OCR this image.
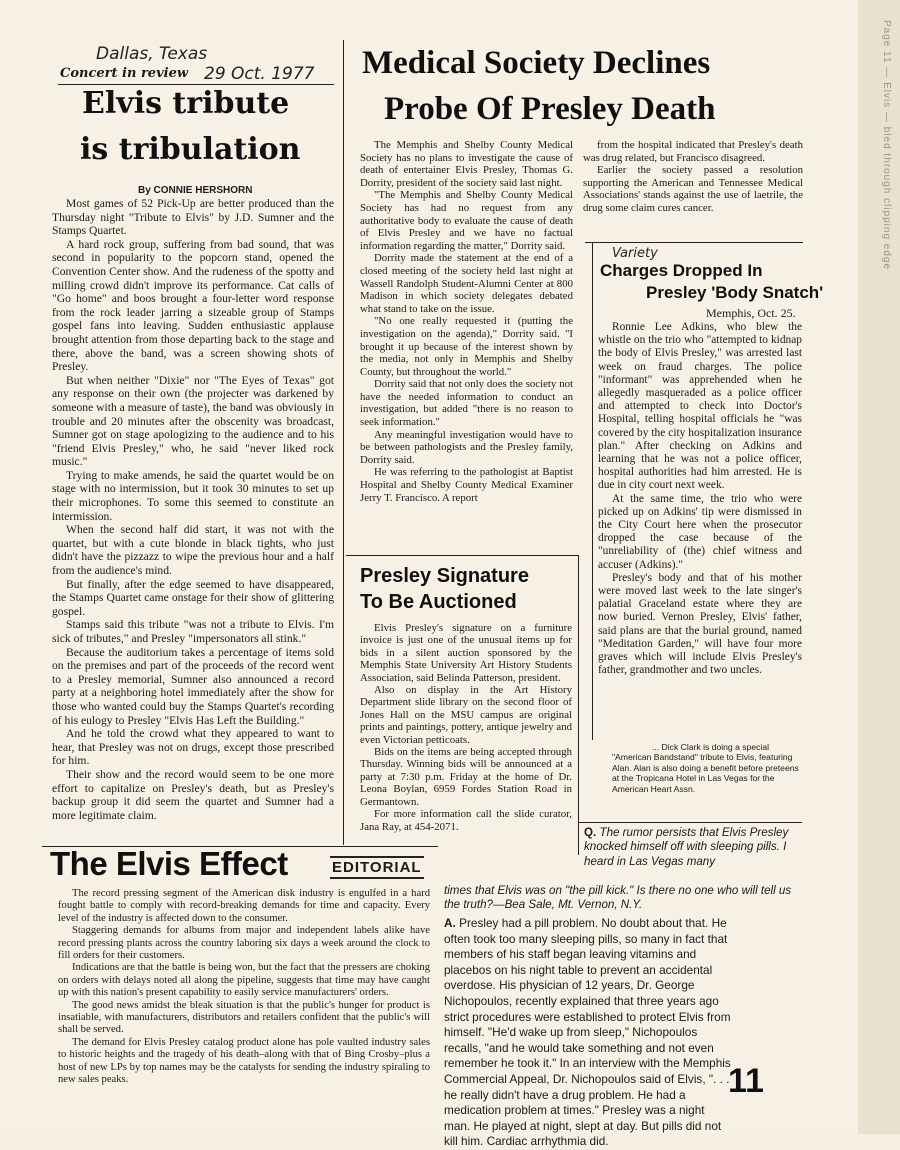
Dallas, Texas
29 Oct. 1977
Concert in review
Elvis tribute
is tribulation
By CONNIE HERSHORN

Most games of 52 Pick-Up are better produced than the Thursday night "Tribute to Elvis" by J.D. Sumner and the Stamps Quartet.

A hard rock group, suffering from bad sound, that was second in popularity to the popcorn stand, opened the Convention Center show. And the rudeness of the spotty and milling crowd didn't improve its performance. Cat calls of "Go home" and boos brought a four-letter word response from the rock leader jarring a sizeable group of Stamps gospel fans into leaving. Sudden enthusiastic applause brought attention from those departing back to the stage and there, above the band, was a screen showing shots of Presley.

But when neither "Dixie" nor "The Eyes of Texas" got any response on their own (the projecter was darkened by someone with a measure of taste), the band was obviously in trouble and 20 minutes after the obscenity was broadcast, Sumner got on stage apologizing to the audience and to his "friend Elvis Presley," who, he said "never liked rock music."

Trying to make amends, he said the quartet would be on stage with no intermission, but it took 30 minutes to set up their microphones. To some this seemed to constitute an intermission.

When the second half did start, it was not with the quartet, but with a cute blonde in black tights, who just didn't have the pizzazz to wipe the previous hour and a half from the audience's mind.

But finally, after the edge seemed to have disappeared, the Stamps Quartet came onstage for their show of glittering gospel.

Stamps said this tribute "was not a tribute to Elvis. I'm sick of tributes," and Presley "impersonators all stink."

Because the auditorium takes a percentage of items sold on the premises and part of the proceeds of the record went to a Presley memorial, Sumner also announced a record party at a neighboring hotel immediately after the show for those who wanted could buy the Stamps Quartet's recording of his eulogy to Presley "Elvis Has Left the Building."

And he told the crowd what they appeared to want to hear, that Presley was not on drugs, except those prescribed for him.

Their show and the record would seem to be one more effort to capitalize on Presley's death, but as Presley's backup group it did seem the quartet and Sumner had a more legitimate claim.

Medical Society Declines
Probe Of Presley Death

The Memphis and Shelby County Medical Society has no plans to investigate the cause of death of entertainer Elvis Presley, Thomas G. Dorrity, president of the society said last night.

"The Memphis and Shelby County Medical Society has had no request from any authoritative body to evaluate the cause of death of Elvis Presley and we have no factual information regarding the matter," Dorrity said.

Dorrity made the statement at the end of a closed meeting of the society held last night at Wassell Randolph Student-Alumni Center at 800 Madison in which society delegates debated what stand to take on the issue.

"No one really requested it (putting the investigation on the agenda)," Dorrity said. "I brought it up because of the interest shown by the media, not only in Memphis and Shelby County, but throughout the world."

Dorrity said that not only does the society not have the needed information to conduct an investigation, but added "there is no reason to seek information."

Any meaningful investigation would have to be between pathologists and the Presley family, Dorrity said.

He was referring to the pathologist at Baptist Hospital and Shelby County Medical Examiner Jerry T. Francisco. A report

from the hospital indicated that Presley's death was drug related, but Francisco disagreed.

Earlier the society passed a resolution supporting the American and Tennessee Medical Associations' stands against the use of laetrile, the drug some claim cures cancer.

Variety
Charges Dropped In
Presley 'Body Snatch'
Memphis, Oct. 25.

Ronnie Lee Adkins, who blew the whistle on the trio who "attempted to kidnap the body of Elvis Presley," was arrested last week on fraud charges. The police "informant" was apprehended when he allegedly masqueraded as a police officer and attempted to check into Doctor's Hospital, telling hospital officials he "was covered by the city hospitalization insurance plan." After checking on Adkins and learning that he was not a police officer, hospital authorities had him arrested. He is due in city court next week.

At the same time, the trio who were picked up on Adkins' tip were dismissed in the City Court here when the prosecutor dropped the case because of the "unreliability of (the) chief witness and accuser (Adkins)."

Presley's body and that of his mother were moved last week to the late singer's palatial Graceland estate where they are now buried. Vernon Presley, Elvis' father, said plans are that the burial ground, named "Meditation Garden," will have four more graves which will include Elvis Presley's father, grandmother and two uncles.

... Dick Clark is doing a special "American Bandstand" tribute to Elvis, featuring Alan. Alan is also doing a benefit before preteens at the Tropicana Hotel in Las Vegas for the American Heart Assn.
Presley Signature
To Be Auctioned

Elvis Presley's signature on a furniture invoice is just one of the unusual items up for bids in a silent auction sponsored by the Memphis State University Art History Students Association, said Belinda Patterson, president.

Also on display in the Art History Department slide library on the second floor of Jones Hall on the MSU campus are original prints and paintings, pottery, antique jewelry and even Victorian petticoats.

Bids on the items are being accepted through Thursday. Winning bids will be announced at a party at 7:30 p.m. Friday at the home of Dr. Leona Boylan, 6959 Fordes Station Road in Germantown.

For more information call the slide curator, Jana Ray, at 454-2071.

The Elvis Effect	EDITORIAL

The record pressing segment of the American disk industry is engulfed in a hard fought battle to comply with record-breaking demands for time and capacity. Every level of the industry is affected down to the consumer.

Staggering demands for albums from major and independent labels alike have record pressing plants across the country laboring six days a week around the clock to fill orders for their customers.

Indications are that the battle is being won, but the fact that the pressers are choking on orders with delays noted all along the pipeline, suggests that time may have caught up with this nation's present capability to easily service manufacturers' orders.

The good news amidst the bleak situation is that the public's hunger for product is insatiable, with manufacturers, distributors and retailers confident that the public's will shall be served.

The demand for Elvis Presley catalog product alone has pole vaulted industry sales to historic heights and the tragedy of his death–along with that of Bing Crosby–plus a host of new LPs by top names may be the catalysts for sending the industry spiraling to new sales peaks.

Q. The rumor persists that Elvis Presley knocked himself off with sleeping pills. I heard in Las Vegas many
times that Elvis was on "the pill kick." Is there no one who will tell us the truth?—Bea Sale, Mt. Vernon, N.Y.
A. Presley had a pill problem. No doubt about that. He often took too many sleeping pills, so many in fact that members of his staff began leaving vitamins and placebos on his night table to prevent an accidental overdose. His physician of 12 years, Dr. George Nichopoulos, recently explained that three years ago strict procedures were established to protect Elvis from himself. "He'd wake up from sleep," Nichopoulos recalls, "and he would take something and not even remember he took it." In an interview with the Memphis Commercial Appeal, Dr. Nichopoulos said of Elvis, ". . . he really didn't have a drug problem. He had a medication problem at times." Presley was a night man. He played at night, slept at day. But pills did not kill him. Cardiac arrhythmia did.
11
Page 11 — Elvis — bled through clipping edge
